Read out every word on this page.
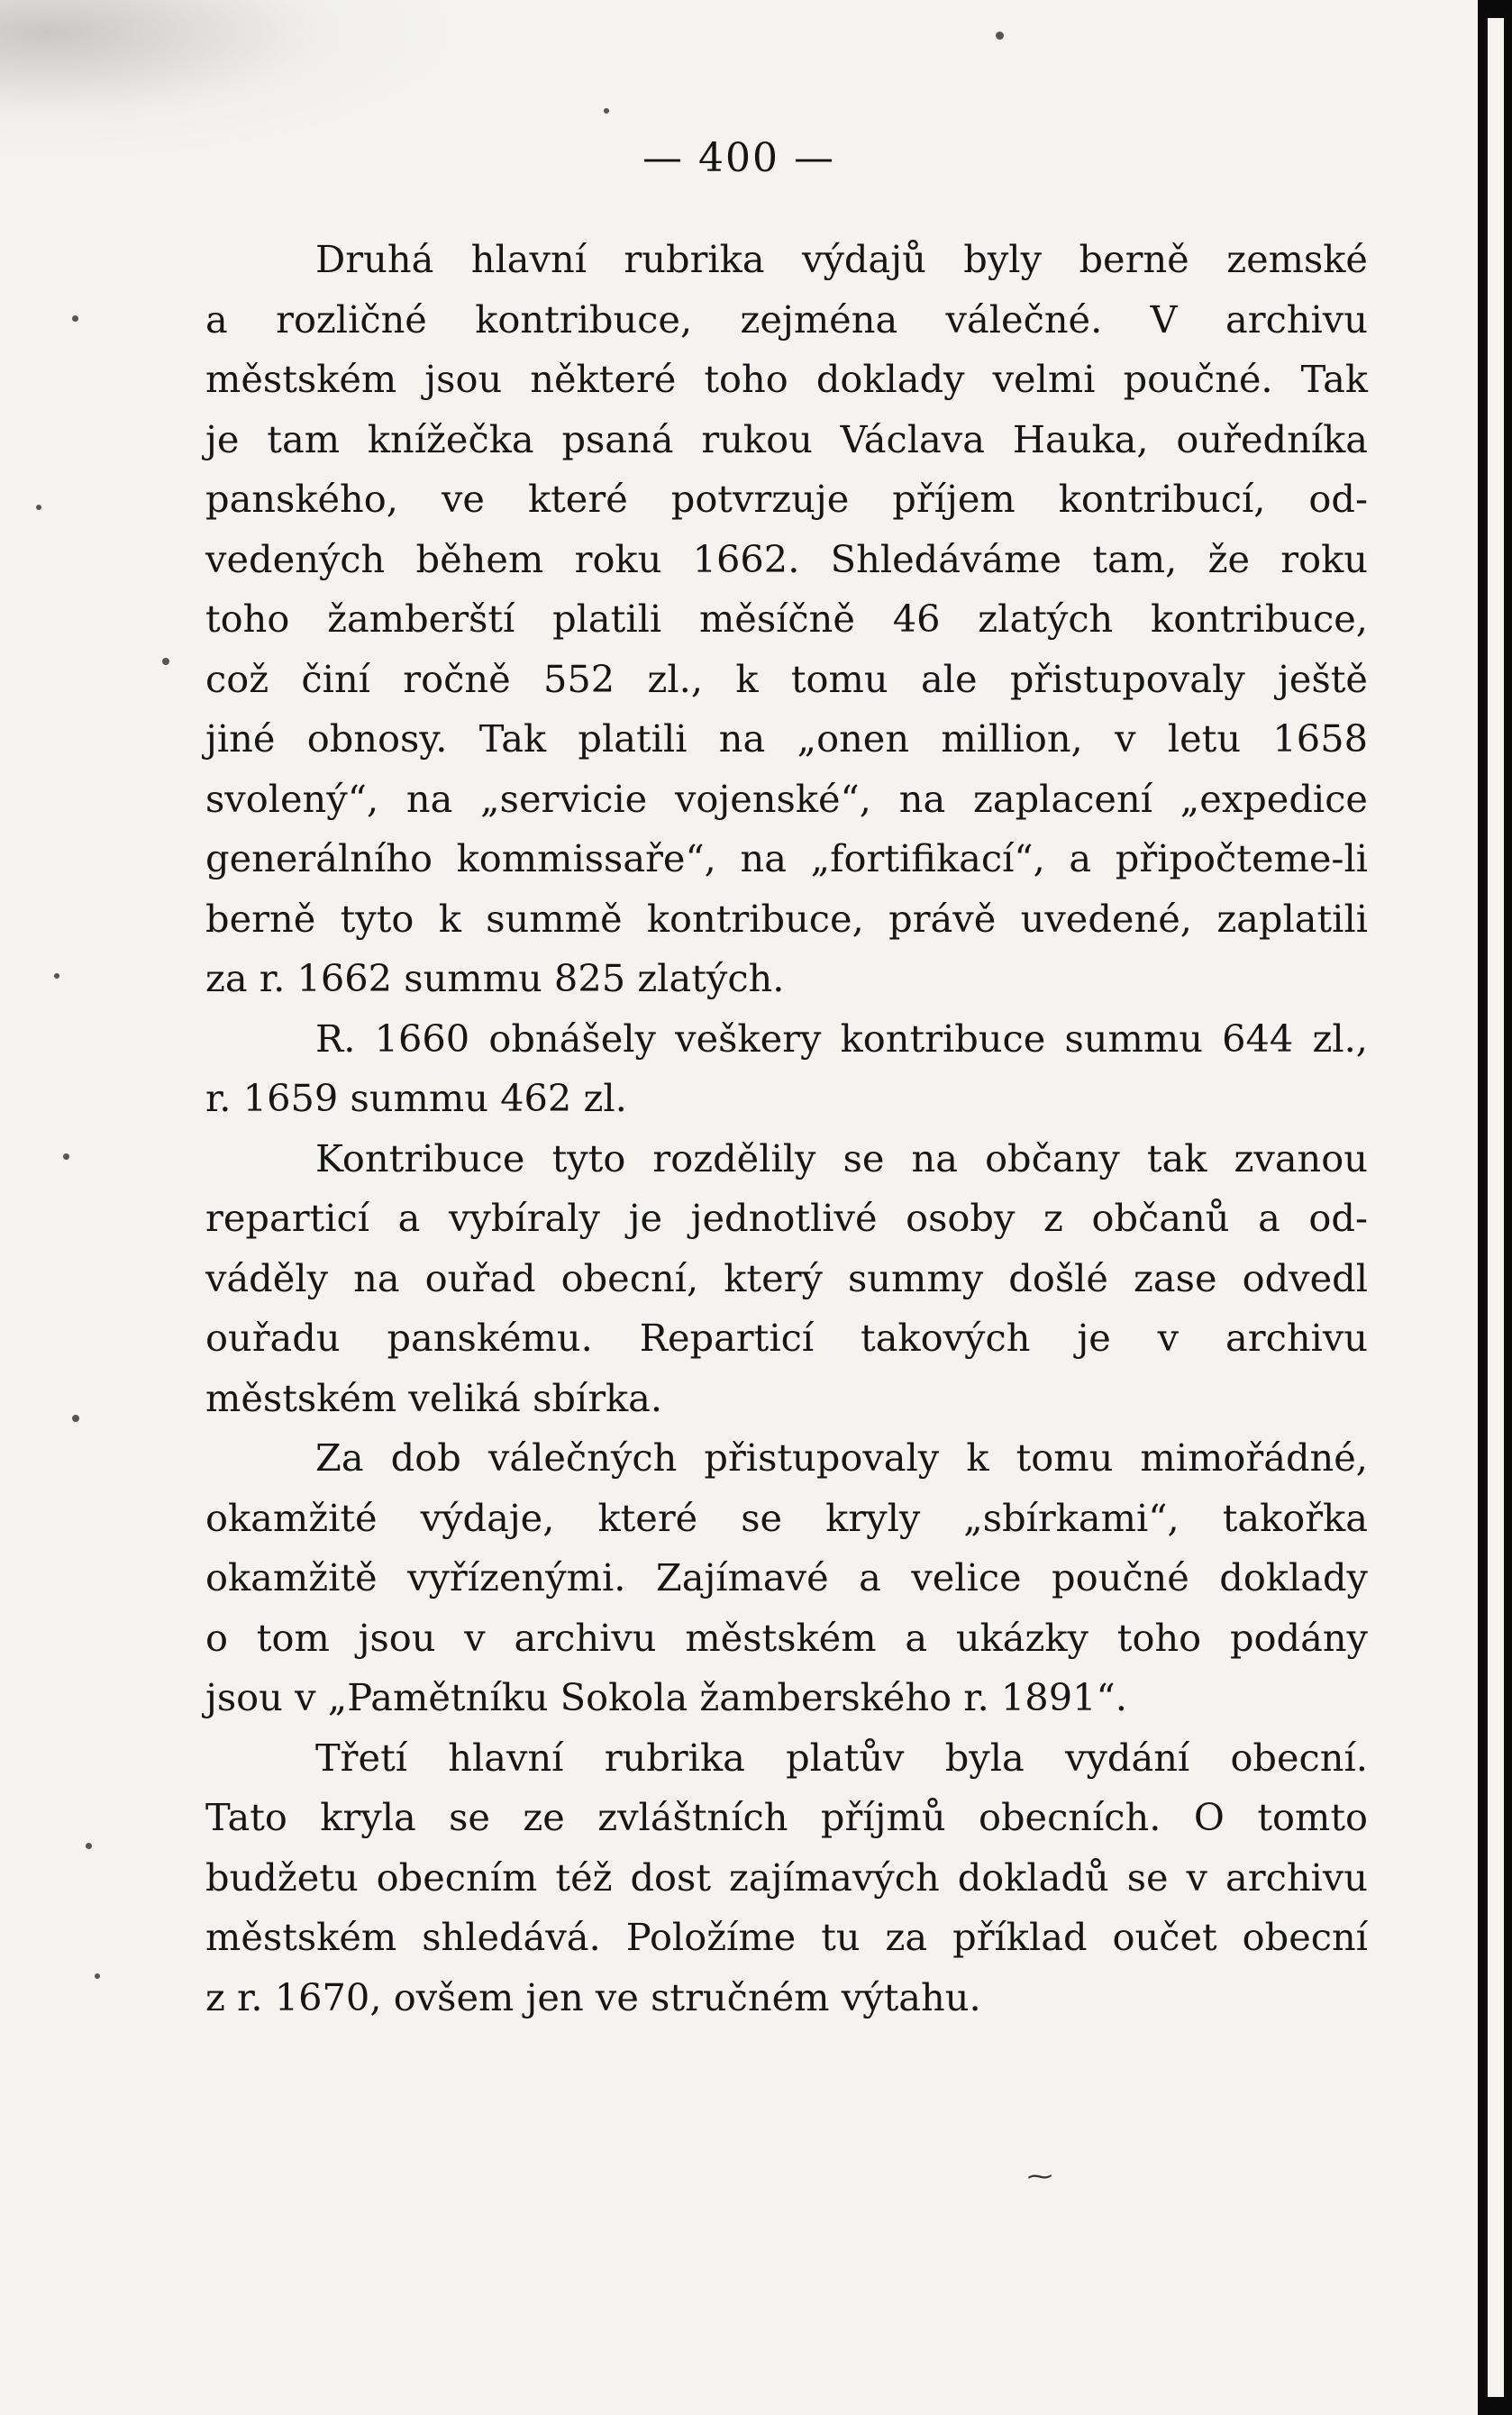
— 400 —
Druhá hlavní rubrika výdajů byly berně zemské
a rozličné kontribuce, zejména válečné. V archivu
městském jsou některé toho doklady velmi poučné. Tak
je tam knížečka psaná rukou Václava Hauka, ouředníka
panského, ve které potvrzuje příjem kontribucí, od-
vedených během roku 1662. Shledáváme tam, že roku
toho žamberští platili měsíčně 46 zlatých kontribuce,
což činí ročně 552 zl., k tomu ale přistupovaly ještě
jiné obnosy. Tak platili na „onen million, v letu 1658
svolený“, na „servicie vojenské“, na zaplacení „expedice
generálního kommissaře“, na „fortifikací“, a připočteme-li
berně tyto k summě kontribuce, právě uvedené, zaplatili
za r. 1662 summu 825 zlatých.
R. 1660 obnášely veškery kontribuce summu 644 zl.,
r. 1659 summu 462 zl.
Kontribuce tyto rozdělily se na občany tak zvanou
reparticí a vybíraly je jednotlivé osoby z občanů a od-
váděly na ouřad obecní, který summy došlé zase odvedl
ouřadu panskému. Reparticí takových je v archivu
městském veliká sbírka.
Za dob válečných přistupovaly k tomu mimořádné,
okamžité výdaje, které se kryly „sbírkami“, takořka
okamžitě vyřízenými. Zajímavé a velice poučné doklady
o tom jsou v archivu městském a ukázky toho podány
jsou v „Pamětníku Sokola žamberského r. 1891“.
Třetí hlavní rubrika platův byla vydání obecní.
Tato kryla se ze zvláštních příjmů obecních. O tomto
budžetu obecním též dost zajímavých dokladů se v archivu
městském shledává. Položíme tu za příklad oučet obecní
z r. 1670, ovšem jen ve stručném výtahu.
⁓
